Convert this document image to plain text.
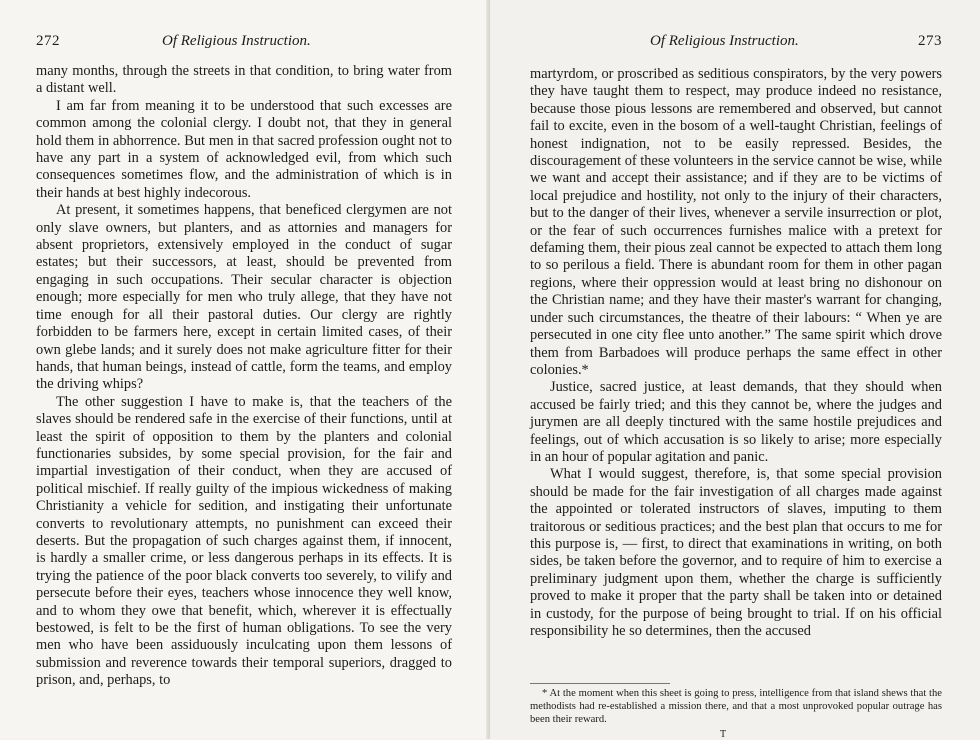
272	Of Religious Instruction.

many months, through the streets in that condition, to bring water from a distant well.

I am far from meaning it to be understood that such excesses are common among the colonial clergy. I doubt not, that they in general hold them in abhorrence. But men in that sacred profession ought not to have any part in a system of acknowledged evil, from which such consequences sometimes flow, and the administration of which is in their hands at best highly indecorous.

At present, it sometimes happens, that beneficed clergymen are not only slave owners, but planters, and as attornies and managers for absent proprietors, extensively employed in the conduct of sugar estates; but their successors, at least, should be prevented from engaging in such occupations. Their secular character is objection enough; more especially for men who truly allege, that they have not time enough for all their pastoral duties. Our clergy are rightly forbidden to be farmers here, except in certain limited cases, of their own glebe lands; and it surely does not make agriculture fitter for their hands, that human beings, instead of cattle, form the teams, and employ the driving whips?

The other suggestion I have to make is, that the teachers of the slaves should be rendered safe in the exercise of their functions, until at least the spirit of opposition to them by the planters and colonial functionaries subsides, by some special provision, for the fair and impartial investigation of their conduct, when they are accused of political mischief. If really guilty of the impious wickedness of making Christianity a vehicle for sedition, and instigating their unfortunate converts to revolutionary attempts, no punishment can exceed their deserts. But the propagation of such charges against them, if innocent, is hardly a smaller crime, or less dangerous perhaps in its effects. It is trying the patience of the poor black converts too severely, to vilify and persecute before their eyes, teachers whose innocence they well know, and to whom they owe that benefit, which, wherever it is effectually bestowed, is felt to be the first of human obligations. To see the very men who have been assiduously inculcating upon them lessons of submission and reverence towards their temporal superiors, dragged to prison, and, perhaps, to

Of Religious Instruction.	273

martyrdom, or proscribed as seditious conspirators, by the very powers they have taught them to respect, may produce indeed no resistance, because those pious lessons are remembered and observed, but cannot fail to excite, even in the bosom of a well-taught Christian, feelings of honest indignation, not to be easily repressed. Besides, the discouragement of these volunteers in the service cannot be wise, while we want and accept their assistance; and if they are to be victims of local prejudice and hostility, not only to the injury of their characters, but to the danger of their lives, whenever a servile insurrection or plot, or the fear of such occurrences furnishes malice with a pretext for defaming them, their pious zeal cannot be expected to attach them long to so perilous a field. There is abundant room for them in other pagan regions, where their oppression would at least bring no dishonour on the Christian name; and they have their master's warrant for changing, under such circumstances, the theatre of their labours: “ When ye are persecuted in one city flee unto another.” The same spirit which drove them from Barbadoes will produce perhaps the same effect in other colonies.*

Justice, sacred justice, at least demands, that they should when accused be fairly tried; and this they cannot be, where the judges and jurymen are all deeply tinctured with the same hostile prejudices and feelings, out of which accusation is so likely to arise; more especially in an hour of popular agitation and panic.

What I would suggest, therefore, is, that some special provision should be made for the fair investigation of all charges made against the appointed or tolerated instructors of slaves, imputing to them traitorous or seditious practices; and the best plan that occurs to me for this purpose is, — first, to direct that examinations in writing, on both sides, be taken before the governor, and to require of him to exercise a preliminary judgment upon them, whether the charge is sufficiently proved to make it proper that the party shall be taken into or detained in custody, for the purpose of being brought to trial. If on his official responsibility he so determines, then the accused

* At the moment when this sheet is going to press, intelligence from that island shews that the methodists had re-established a mission there, and that a most unprovoked popular outrage has been their reward.

T
